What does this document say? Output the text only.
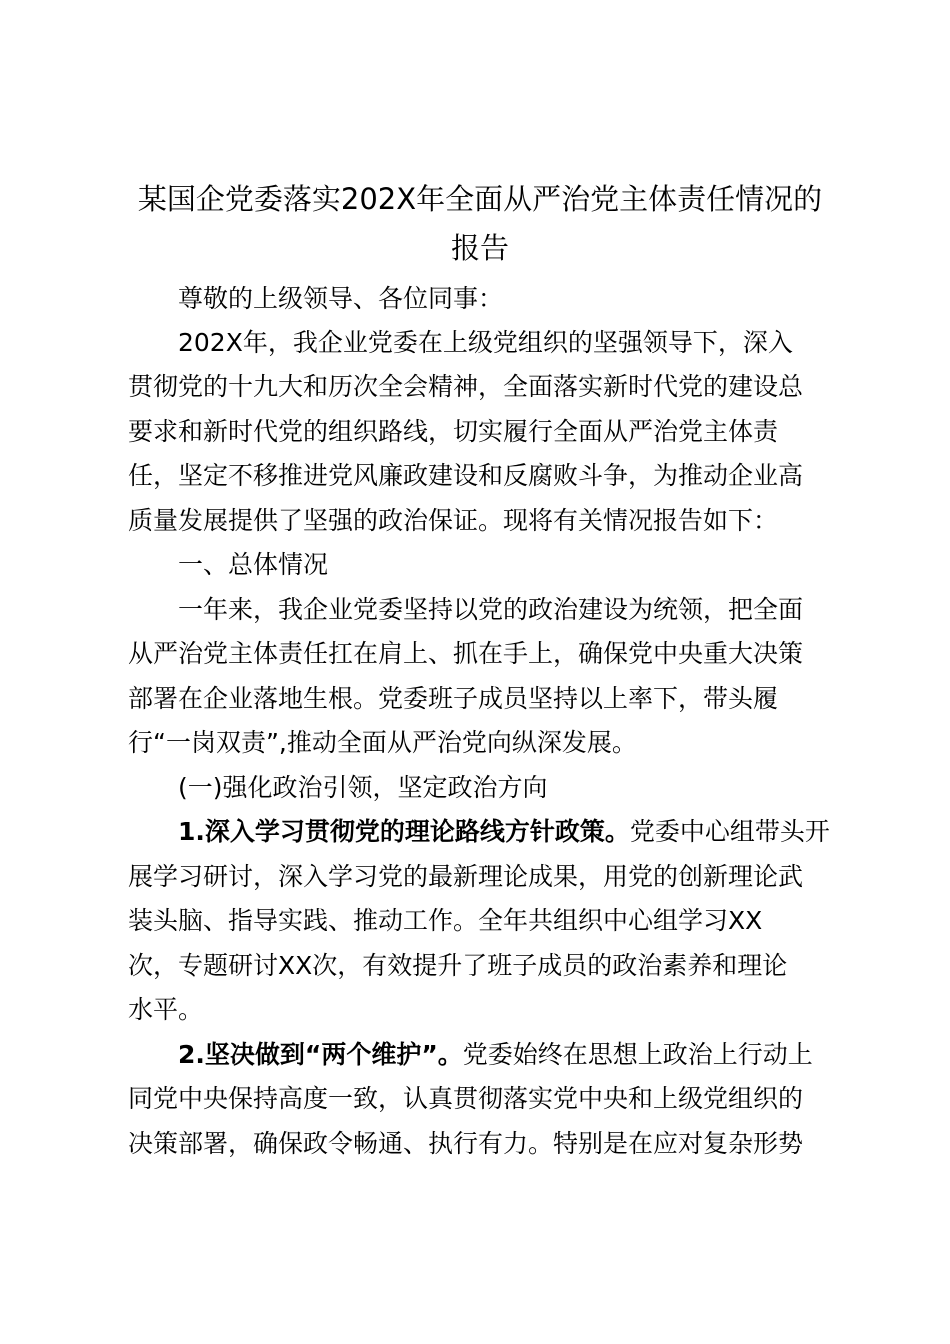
某国企党委落实202X年全面从严治党主体责任情况的
报告

尊敬的上级领导、各位同事：

202X年，我企业党委在上级党组织的坚强领导下，深入

贯彻党的十九大和历次全会精神，全面落实新时代党的建设总

要求和新时代党的组织路线，切实履行全面从严治党主体责

任，坚定不移推进党风廉政建设和反腐败斗争，为推动企业高

质量发展提供了坚强的政治保证。现将有关情况报告如下：

一、总体情况

一年来，我企业党委坚持以党的政治建设为统领，把全面

从严治党主体责任扛在肩上、抓在手上，确保党中央重大决策

部署在企业落地生根。党委班子成员坚持以上率下，带头履

行“一岗双责”,推动全面从严治党向纵深发展。

(一)强化政治引领，坚定政治方向

1.深入学习贯彻党的理论路线方针政策。党委中心组带头开

展学习研讨，深入学习党的最新理论成果，用党的创新理论武

装头脑、指导实践、推动工作。全年共组织中心组学习XX

次，专题研讨XX次，有效提升了班子成员的政治素养和理论

水平。

2.坚决做到“两个维护”。党委始终在思想上政治上行动上

同党中央保持高度一致，认真贯彻落实党中央和上级党组织的

决策部署，确保政令畅通、执行有力。特别是在应对复杂形势
